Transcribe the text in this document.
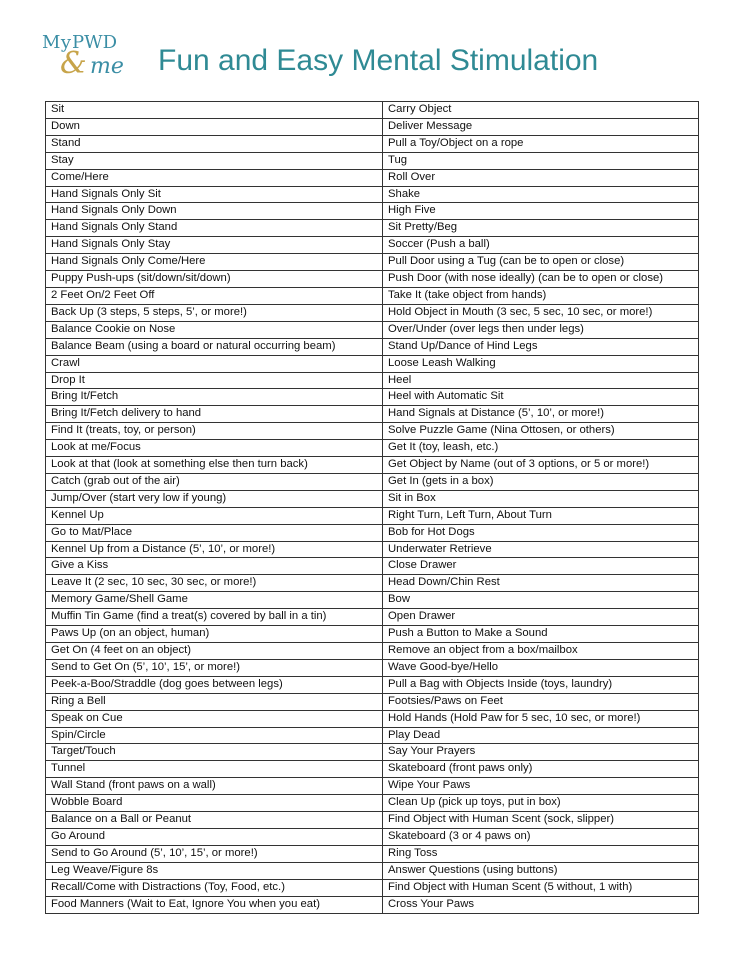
My PWD
& me Fun and Easy Mental Stimulation
Sit	Carry Object
Down	Deliver Message
Stand	Pull a Toy/Object on a rope
Stay	Tug
Come/Here	Roll Over
Hand Signals Only Sit	Shake
Hand Signals Only Down	High Five
Hand Signals Only Stand	Sit Pretty/Beg
Hand Signals Only Stay	Soccer (Push a ball)
Hand Signals Only Come/Here	Pull Door using a Tug (can be to open or close)
Puppy Push-ups (sit/down/sit/down)	Push Door (with nose ideally) (can be to open or close)
2 Feet On/2 Feet Off	Take It (take object from hands)
Back Up (3 steps, 5 steps, 5’, or more!)	Hold Object in Mouth (3 sec, 5 sec, 10 sec, or more!)
Balance Cookie on Nose	Over/Under (over legs then under legs)
Balance Beam (using a board or natural occurring beam)	Stand Up/Dance of Hind Legs
Crawl	Loose Leash Walking
Drop It	Heel
Bring It/Fetch	Heel with Automatic Sit
Bring It/Fetch delivery to hand	Hand Signals at Distance (5’, 10’, or more!)
Find It (treats, toy, or person)	Solve Puzzle Game (Nina Ottosen, or others)
Look at me/Focus	Get It (toy, leash, etc.)
Look at that (look at something else then turn back)	Get Object by Name (out of 3 options, or 5 or more!)
Catch (grab out of the air)	Get In (gets in a box)
Jump/Over (start very low if young)	Sit in Box
Kennel Up	Right Turn, Left Turn, About Turn
Go to Mat/Place	Bob for Hot Dogs
Kennel Up from a Distance (5’, 10’, or more!)	Underwater Retrieve
Give a Kiss	Close Drawer
Leave It (2 sec, 10 sec, 30 sec, or more!)	Head Down/Chin Rest
Memory Game/Shell Game	Bow
Muffin Tin Game (find a treat(s) covered by ball in a tin)	Open Drawer
Paws Up (on an object, human)	Push a Button to Make a Sound
Get On (4 feet on an object)	Remove an object from a box/mailbox
Send to Get On (5’, 10’, 15’, or more!)	Wave Good-bye/Hello
Peek-a-Boo/Straddle (dog goes between legs)	Pull a Bag with Objects Inside (toys, laundry)
Ring a Bell	Footsies/Paws on Feet
Speak on Cue	Hold Hands (Hold Paw for 5 sec, 10 sec, or more!)
Spin/Circle	Play Dead
Target/Touch	Say Your Prayers
Tunnel	Skateboard (front paws only)
Wall Stand (front paws on a wall)	Wipe Your Paws
Wobble Board	Clean Up (pick up toys, put in box)
Balance on a Ball or Peanut	Find Object with Human Scent (sock, slipper)
Go Around	Skateboard (3 or 4 paws on)
Send to Go Around (5’, 10’, 15’, or more!)	Ring Toss
Leg Weave/Figure 8s	Answer Questions (using buttons)
Recall/Come with Distractions (Toy, Food, etc.)	Find Object with Human Scent (5 without, 1 with)
Food Manners (Wait to Eat, Ignore You when you eat)	Cross Your Paws
